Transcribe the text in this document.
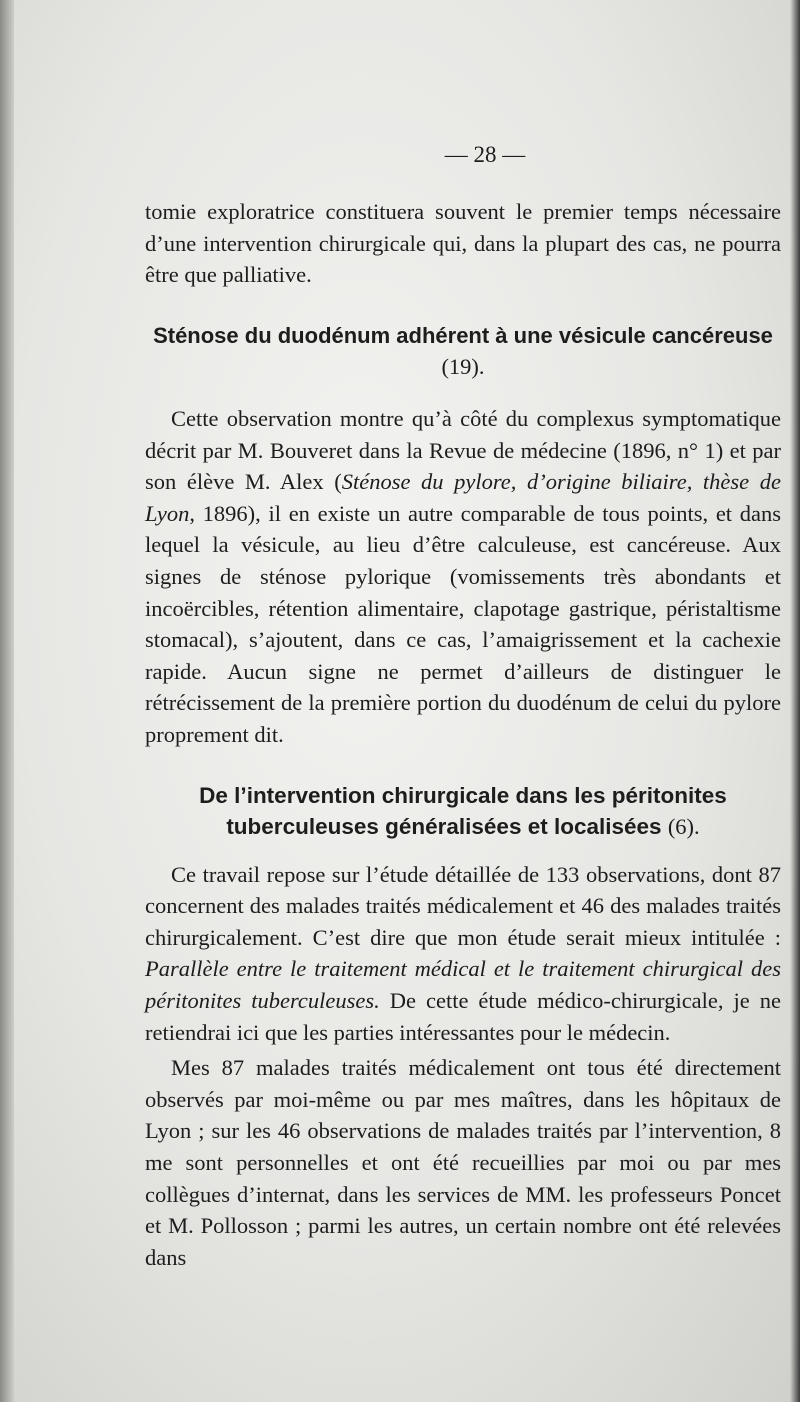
— 28 —

tomie exploratrice constituera souvent le premier temps nécessaire d’une intervention chirurgicale qui, dans la plupart des cas, ne pourra être que palliative.

Sténose du duodénum adhérent à une vésicule cancéreuse (19).

Cette observation montre qu’à côté du complexus symptomatique décrit par M. Bouveret dans la Revue de médecine (1896, n° 1) et par son élève M. Alex (Sténose du pylore, d’origine biliaire, thèse de Lyon, 1896), il en existe un autre comparable de tous points, et dans lequel la vésicule, au lieu d’être calculeuse, est cancéreuse. Aux signes de sténose pylorique (vomissements très abondants et incoërcibles, rétention alimentaire, clapotage gastrique, péristaltisme stomacal), s’ajoutent, dans ce cas, l’amaigrissement et la cachexie rapide. Aucun signe ne permet d’ailleurs de distinguer le rétrécissement de la première portion du duodénum de celui du pylore proprement dit.

De l’intervention chirurgicale dans les péritonites tuberculeuses généralisées et localisées (6).

Ce travail repose sur l’étude détaillée de 133 observations, dont 87 concernent des malades traités médicalement et 46 des malades traités chirurgicalement. C’est dire que mon étude serait mieux intitulée : Parallèle entre le traitement médical et le traitement chirurgical des péritonites tuberculeuses. De cette étude médico-chirurgicale, je ne retiendrai ici que les parties intéressantes pour le médecin.

Mes 87 malades traités médicalement ont tous été directement observés par moi-même ou par mes maîtres, dans les hôpitaux de Lyon ; sur les 46 observations de malades traités par l’intervention, 8 me sont personnelles et ont été recueillies par moi ou par mes collègues d’internat, dans les services de MM. les professeurs Poncet et M. Pollosson ; parmi les autres, un certain nombre ont été relevées dans
